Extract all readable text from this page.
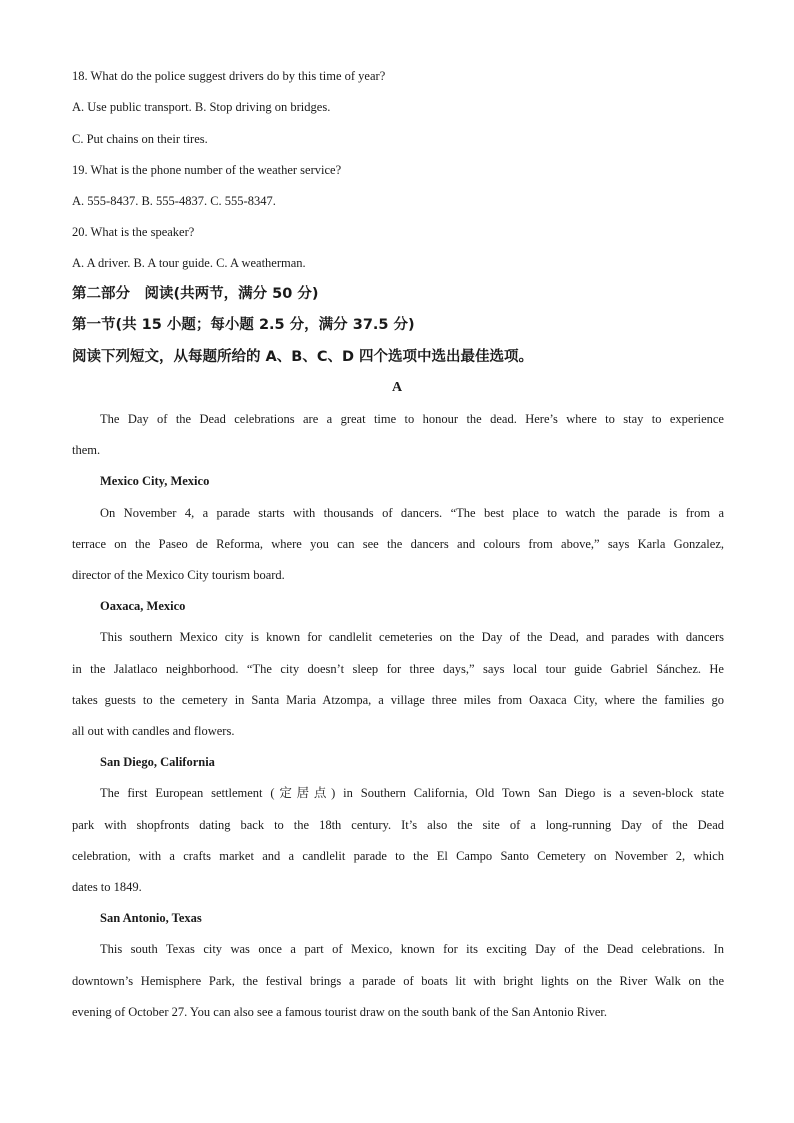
18. What do the police suggest drivers do by this time of year?
A. Use public transport. B. Stop driving on bridges.
C. Put chains on their tires.
19. What is the phone number of the weather service?
A. 555-8437. B. 555-4837. C. 555-8347.
20. What is the speaker?
A. A driver. B. A tour guide. C. A weatherman.
第二部分　阅读(共两节，满分 50 分)
第一节(共 15 小题；每小题 2.5 分，满分 37.5 分)
阅读下列短文，从每题所给的 A、B、C、D 四个选项中选出最佳选项。
A
The Day of the Dead celebrations are a great time to honour the dead. Here’s where to stay to experience
them.
Mexico City, Mexico
On November 4, a parade starts with thousands of dancers. “The best place to watch the parade is from a
terrace on the Paseo de Reforma, where you can see the dancers and colours from above,” says Karla Gonzalez,
director of the Mexico City tourism board.
Oaxaca, Mexico
This southern Mexico city is known for candlelit cemeteries on the Day of the Dead, and parades with dancers
in the Jalatlaco neighborhood. “The city doesn’t sleep for three days,” says local tour guide Gabriel Sánchez. He
takes guests to the cemetery in Santa Maria Atzompa, a village three miles from Oaxaca City, where the families go
all out with candles and flowers.
San Diego, California
The first European settlement (定居点) in Southern California, Old Town San Diego is a seven-block state
park with shopfronts dating back to the 18th century. It’s also the site of a long-running Day of the Dead
celebration, with a crafts market and a candlelit parade to the El Campo Santo Cemetery on November 2, which
dates to 1849.
San Antonio, Texas
This south Texas city was once a part of Mexico, known for its exciting Day of the Dead celebrations. In
downtown’s Hemisphere Park, the festival brings a parade of boats lit with bright lights on the River Walk on the
evening of October 27. You can also see a famous tourist draw on the south bank of the San Antonio River.
